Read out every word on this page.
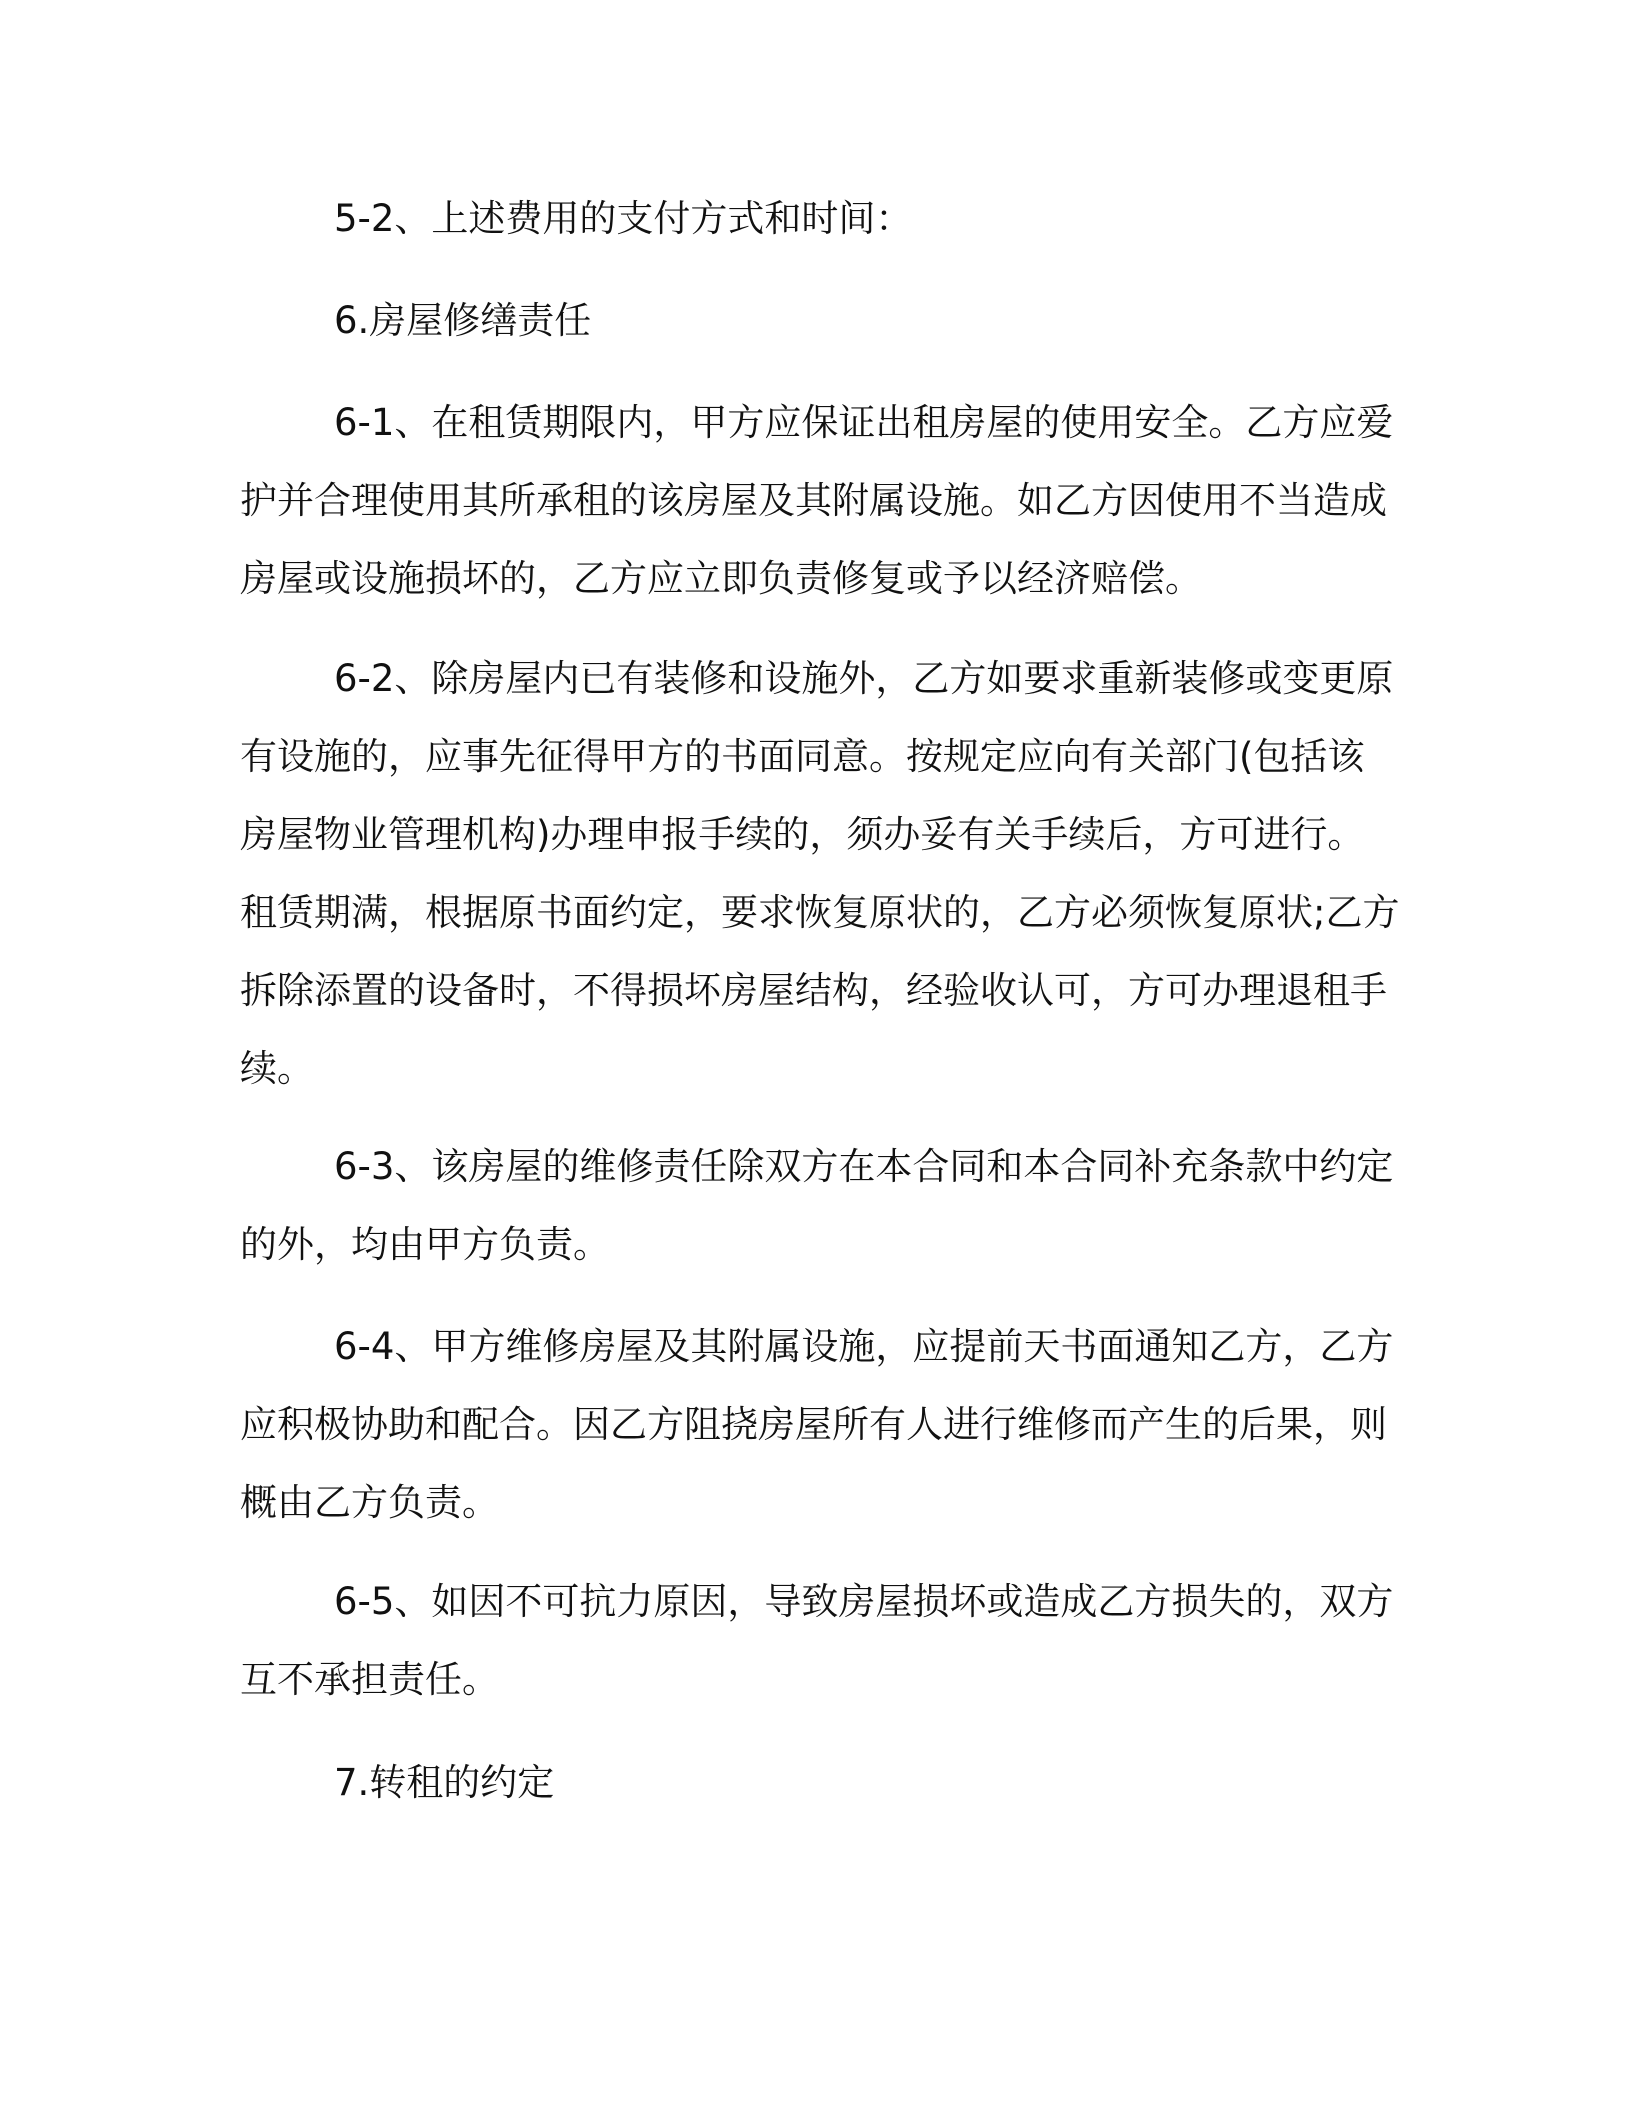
5-2、上述费用的支付方式和时间：

6.房屋修缮责任

6-1、在租赁期限内，甲方应保证出租房屋的使用安全。乙方应爱护并合理使用其所承租的该房屋及其附属设施。如乙方因使用不当造成房屋或设施损坏的，乙方应立即负责修复或予以经济赔偿。

6-2、除房屋内已有装修和设施外，乙方如要求重新装修或变更原有设施的，应事先征得甲方的书面同意。按规定应向有关部门(包括该房屋物业管理机构)办理申报手续的，须办妥有关手续后，方可进行。租赁期满，根据原书面约定，要求恢复原状的，乙方必须恢复原状;乙方拆除添置的设备时，不得损坏房屋结构，经验收认可，方可办理退租手续。

6-3、该房屋的维修责任除双方在本合同和本合同补充条款中约定的外，均由甲方负责。

6-4、甲方维修房屋及其附属设施，应提前天书面通知乙方，乙方应积极协助和配合。因乙方阻挠房屋所有人进行维修而产生的后果，则概由乙方负责。

6-5、如因不可抗力原因，导致房屋损坏或造成乙方损失的，双方互不承担责任。

7.转租的约定
